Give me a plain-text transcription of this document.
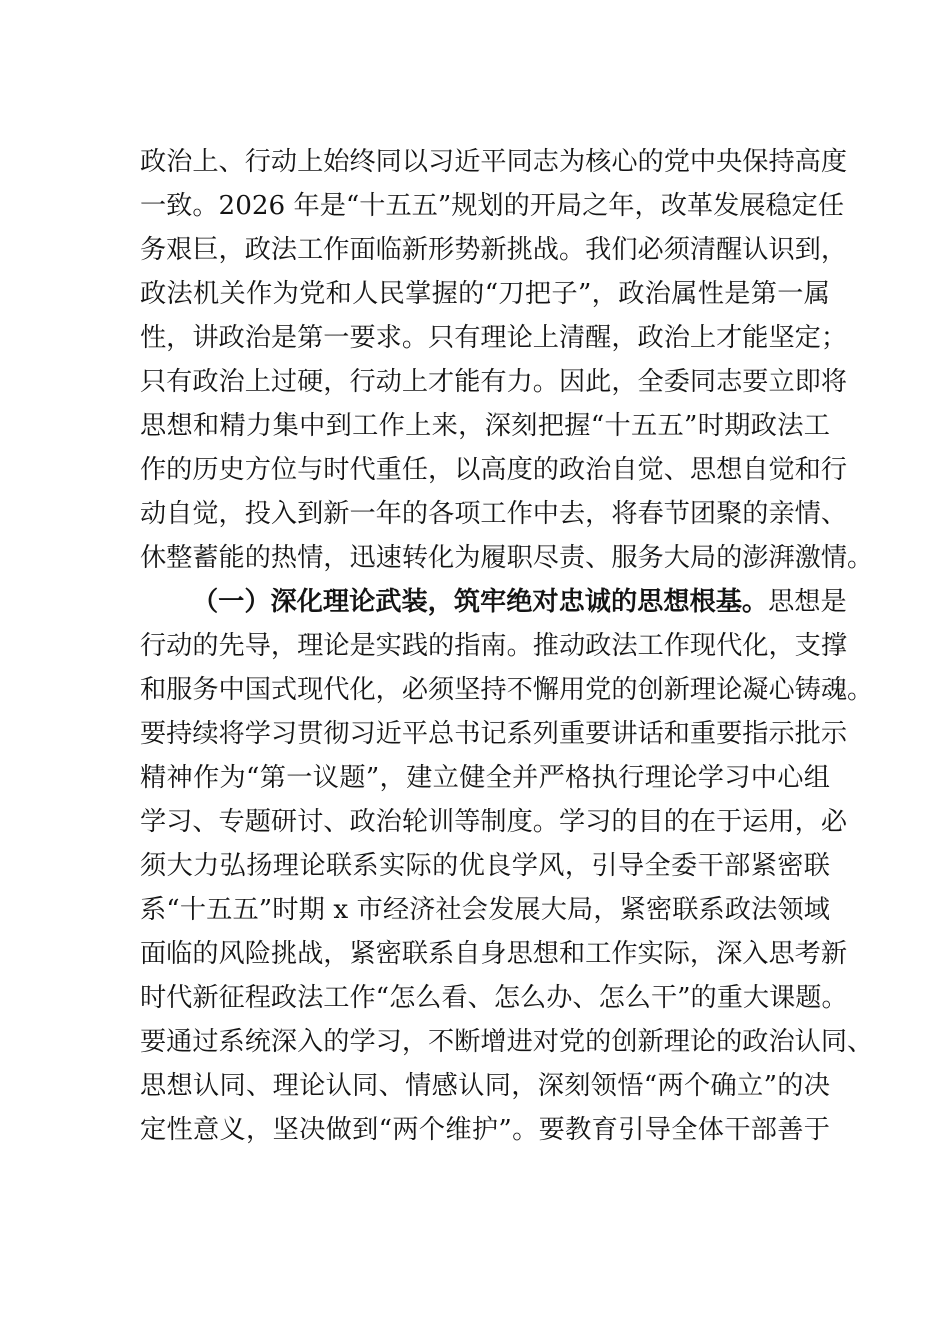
政治上、行动上始终同以习近平同志为核心的党中央保持高度
一致。2026 年是“十五五”规划的开局之年，改革发展稳定任
务艰巨，政法工作面临新形势新挑战。我们必须清醒认识到，
政法机关作为党和人民掌握的“刀把子”，政治属性是第一属
性，讲政治是第一要求。只有理论上清醒，政治上才能坚定；
只有政治上过硬，行动上才能有力。因此，全委同志要立即将
思想和精力集中到工作上来，深刻把握“十五五”时期政法工
作的历史方位与时代重任，以高度的政治自觉、思想自觉和行
动自觉，投入到新一年的各项工作中去，将春节团聚的亲情、
休整蓄能的热情，迅速转化为履职尽责、服务大局的澎湃激情。
（一）深化理论武装，筑牢绝对忠诚的思想根基。思想是
行动的先导，理论是实践的指南。推动政法工作现代化，支撑
和服务中国式现代化，必须坚持不懈用党的创新理论凝心铸魂。
要持续将学习贯彻习近平总书记系列重要讲话和重要指示批示
精神作为“第一议题”，建立健全并严格执行理论学习中心组
学习、专题研讨、政治轮训等制度。学习的目的在于运用，必
须大力弘扬理论联系实际的优良学风，引导全委干部紧密联
系“十五五”时期 x 市经济社会发展大局，紧密联系政法领域
面临的风险挑战，紧密联系自身思想和工作实际，深入思考新
时代新征程政法工作“怎么看、怎么办、怎么干”的重大课题。
要通过系统深入的学习，不断增进对党的创新理论的政治认同、
思想认同、理论认同、情感认同，深刻领悟“两个确立”的决
定性意义，坚决做到“两个维护”。要教育引导全体干部善于
